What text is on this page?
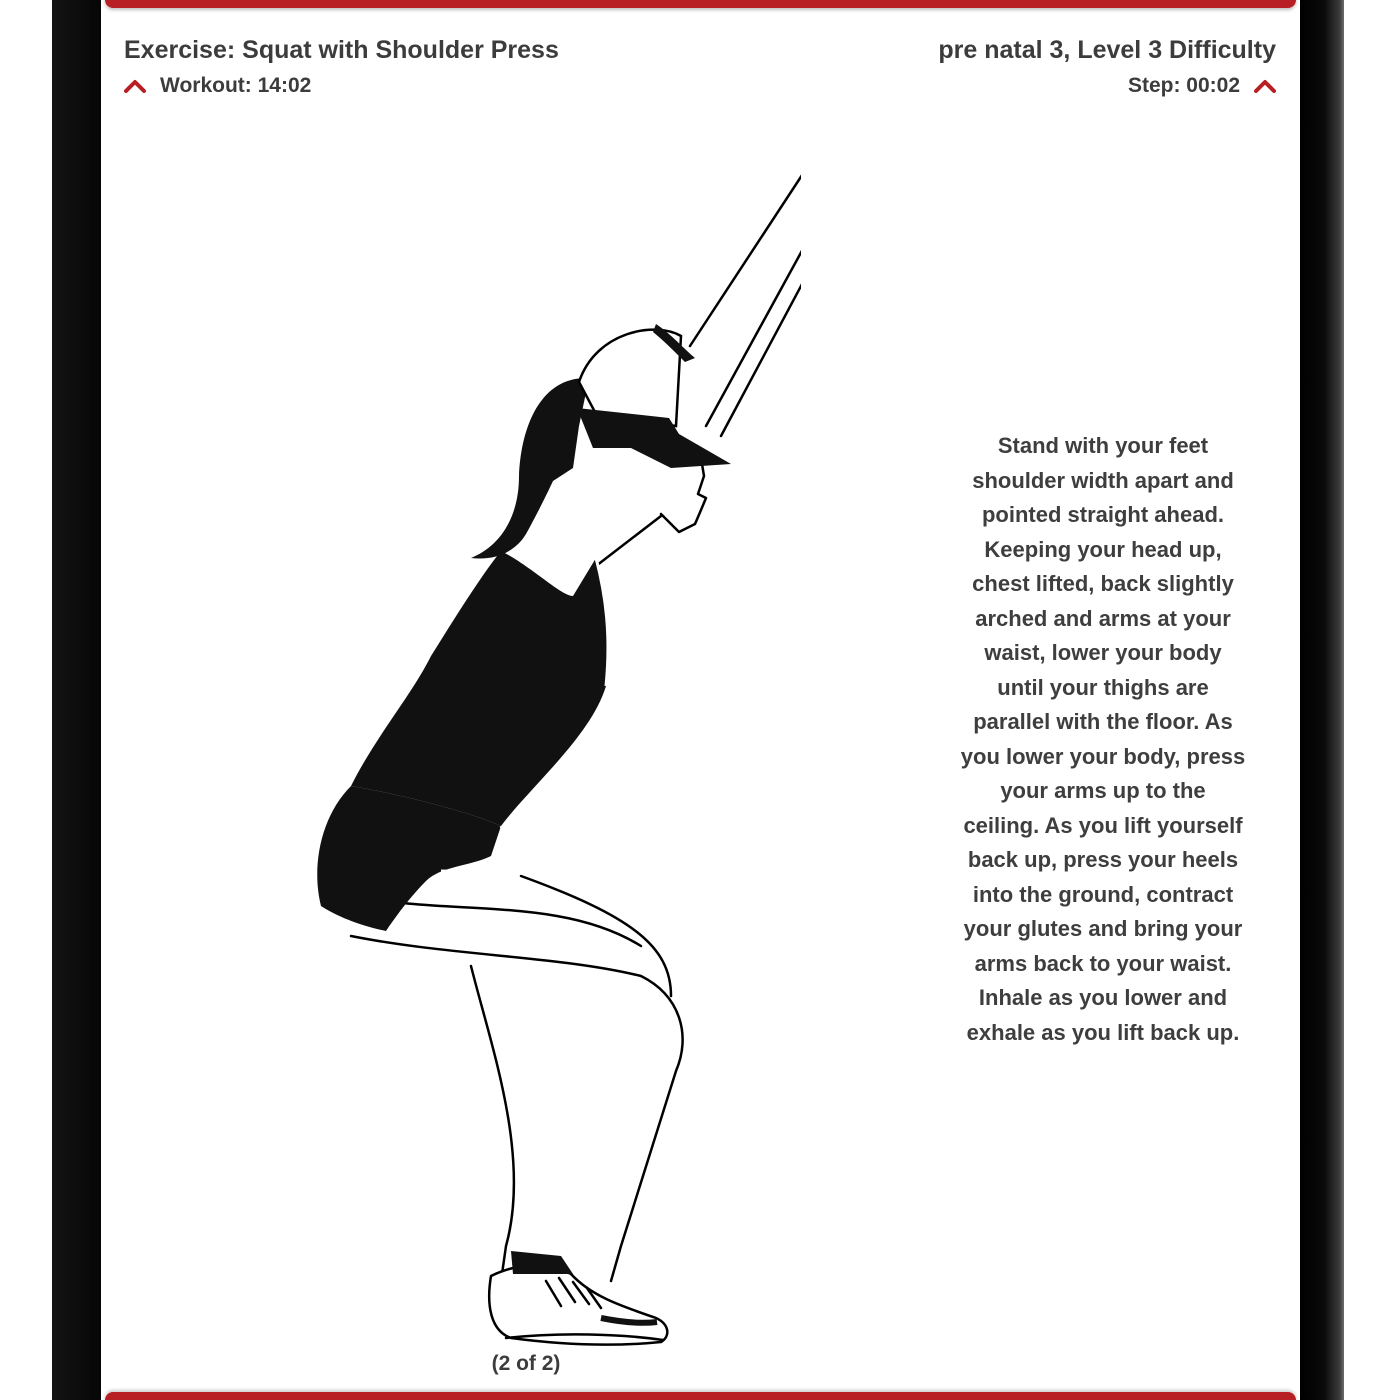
Exercise: Squat with Shoulder Press	pre natal 3, Level 3 Difficulty
Workout: 14:02	Step: 00:02
Stand with your feet
shoulder width apart and
pointed straight ahead.
Keeping your head up,
chest lifted, back slightly
arched and arms at your
waist, lower your body
until your thighs are
parallel with the floor. As
you lower your body, press
your arms up to the
ceiling. As you lift yourself
back up, press your heels
into the ground, contract
your glutes and bring your
arms back to your waist.
Inhale as you lower and
exhale as you lift back up.
(2 of 2)
